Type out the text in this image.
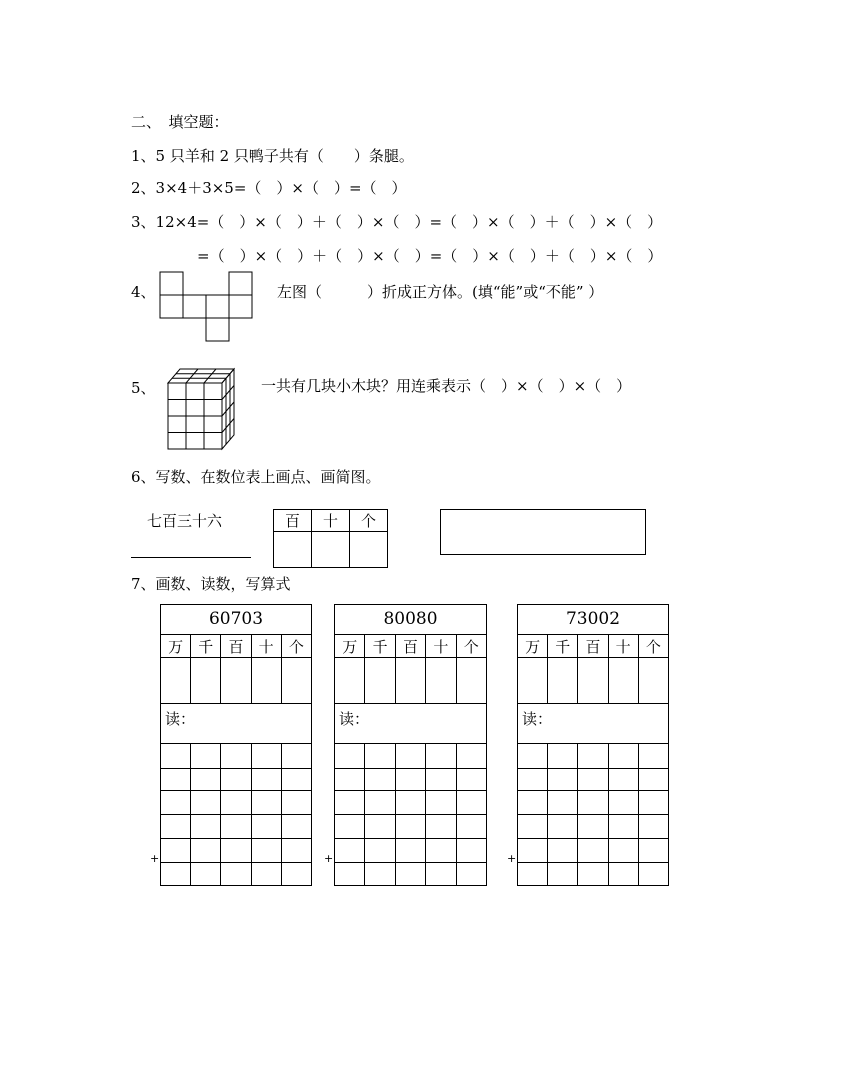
二、　填空题：
1、5 只羊和 2 只鸭子共有（　　）条腿。
2、3×4＋3×5=（　）×（　）=（　）
3、12×4=（　）×（　）＋（　）×（　）=（　）×（　）＋（　）×（　）
=（　）×（　）＋（　）×（　）=（　）×（　）＋（　）×（　）
4、	左图（　　　）折成正方体。(填“能”或“不能” ）
5、	一共有几块小木块？用连乘表示（　）×（　）×（　）
6、写数、在数位表上画点、画简图。
七百三十六	百	十	个

7、画数、读数，写算式
60703				
万	千	百	十	个

读：				

+
80080				
万	千	百	十	个

读：				

+
73002				
万	千	百	十	个

读：				

+
